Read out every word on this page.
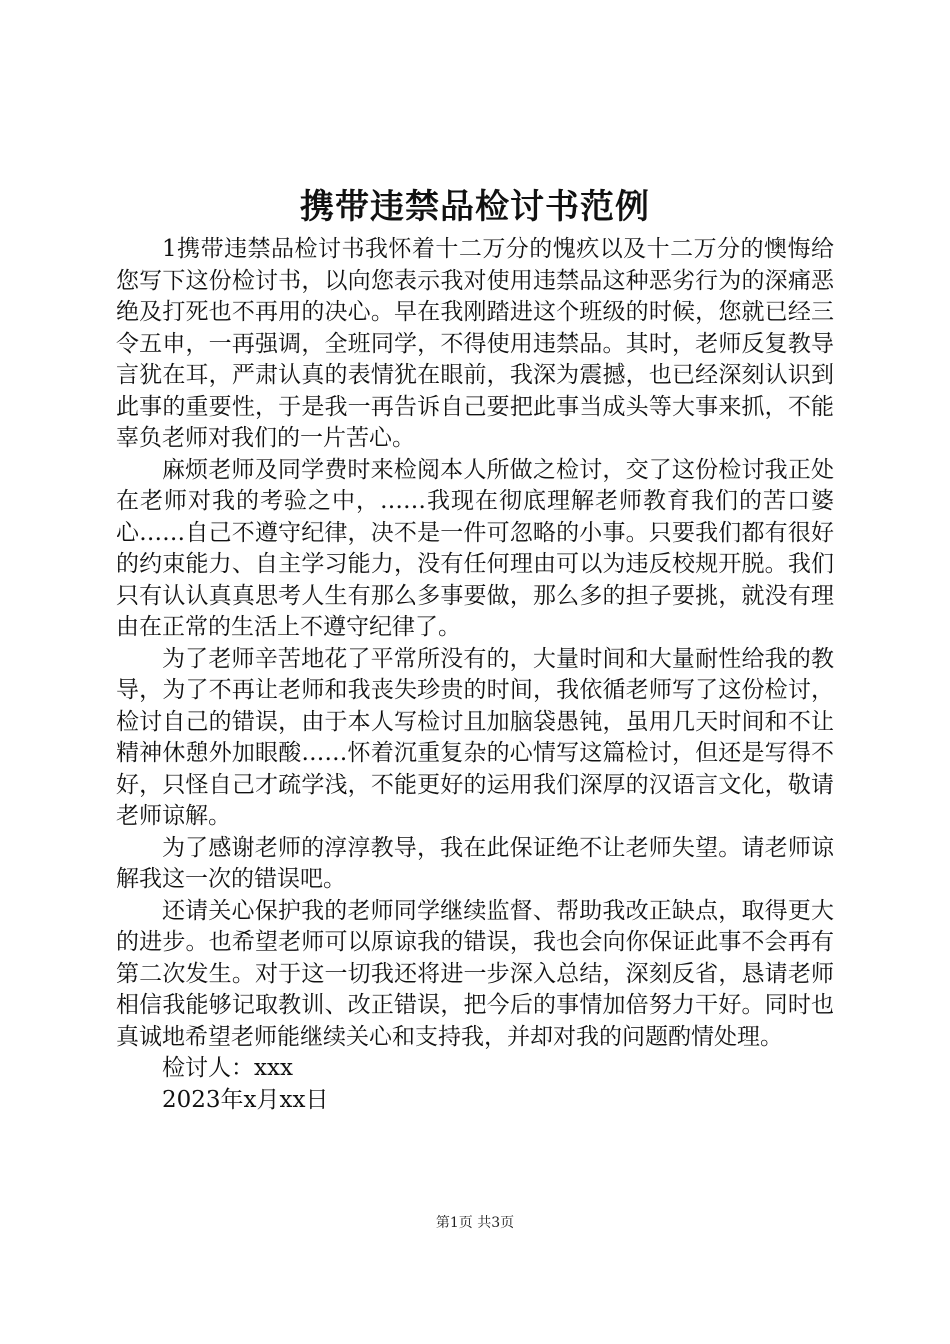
携带违禁品检讨书范例

1携带违禁品检讨书我怀着十二万分的愧疚以及十二万分的懊悔给您写下这份检讨书，以向您表示我对使用违禁品这种恶劣行为的深痛恶绝及打死也不再用的决心。早在我刚踏进这个班级的时候，您就已经三令五申，一再强调，全班同学，不得使用违禁品。其时，老师反复教导言犹在耳，严肃认真的表情犹在眼前，我深为震撼，也已经深刻认识到此事的重要性，于是我一再告诉自己要把此事当成头等大事来抓，不能辜负老师对我们的一片苦心。

麻烦老师及同学费时来检阅本人所做之检讨，交了这份检讨我正处在老师对我的考验之中，……我现在彻底理解老师教育我们的苦口婆心……自己不遵守纪律，决不是一件可忽略的小事。只要我们都有很好的约束能力、自主学习能力，没有任何理由可以为违反校规开脱。我们只有认认真真思考人生有那么多事要做，那么多的担子要挑，就没有理由在正常的生活上不遵守纪律了。

为了老师辛苦地花了平常所没有的，大量时间和大量耐性给我的教导，为了不再让老师和我丧失珍贵的时间，我依循老师写了这份检讨，检讨自己的错误，由于本人写检讨且加脑袋愚钝，虽用几天时间和不让精神休憩外加眼酸……怀着沉重复杂的心情写这篇检讨，但还是写得不好，只怪自己才疏学浅，不能更好的运用我们深厚的汉语言文化，敬请老师谅解。

为了感谢老师的淳淳教导，我在此保证绝不让老师失望。请老师谅解我这一次的错误吧。

还请关心保护我的老师同学继续监督、帮助我改正缺点，取得更大的进步。也希望老师可以原谅我的错误，我也会向你保证此事不会再有第二次发生。对于这一切我还将进一步深入总结，深刻反省，恳请老师相信我能够记取教训、改正错误，把今后的事情加倍努力干好。同时也真诚地希望老师能继续关心和支持我，并却对我的问题酌情处理。

检讨人：xxx

2023年x月xx日

第1页 共3页
